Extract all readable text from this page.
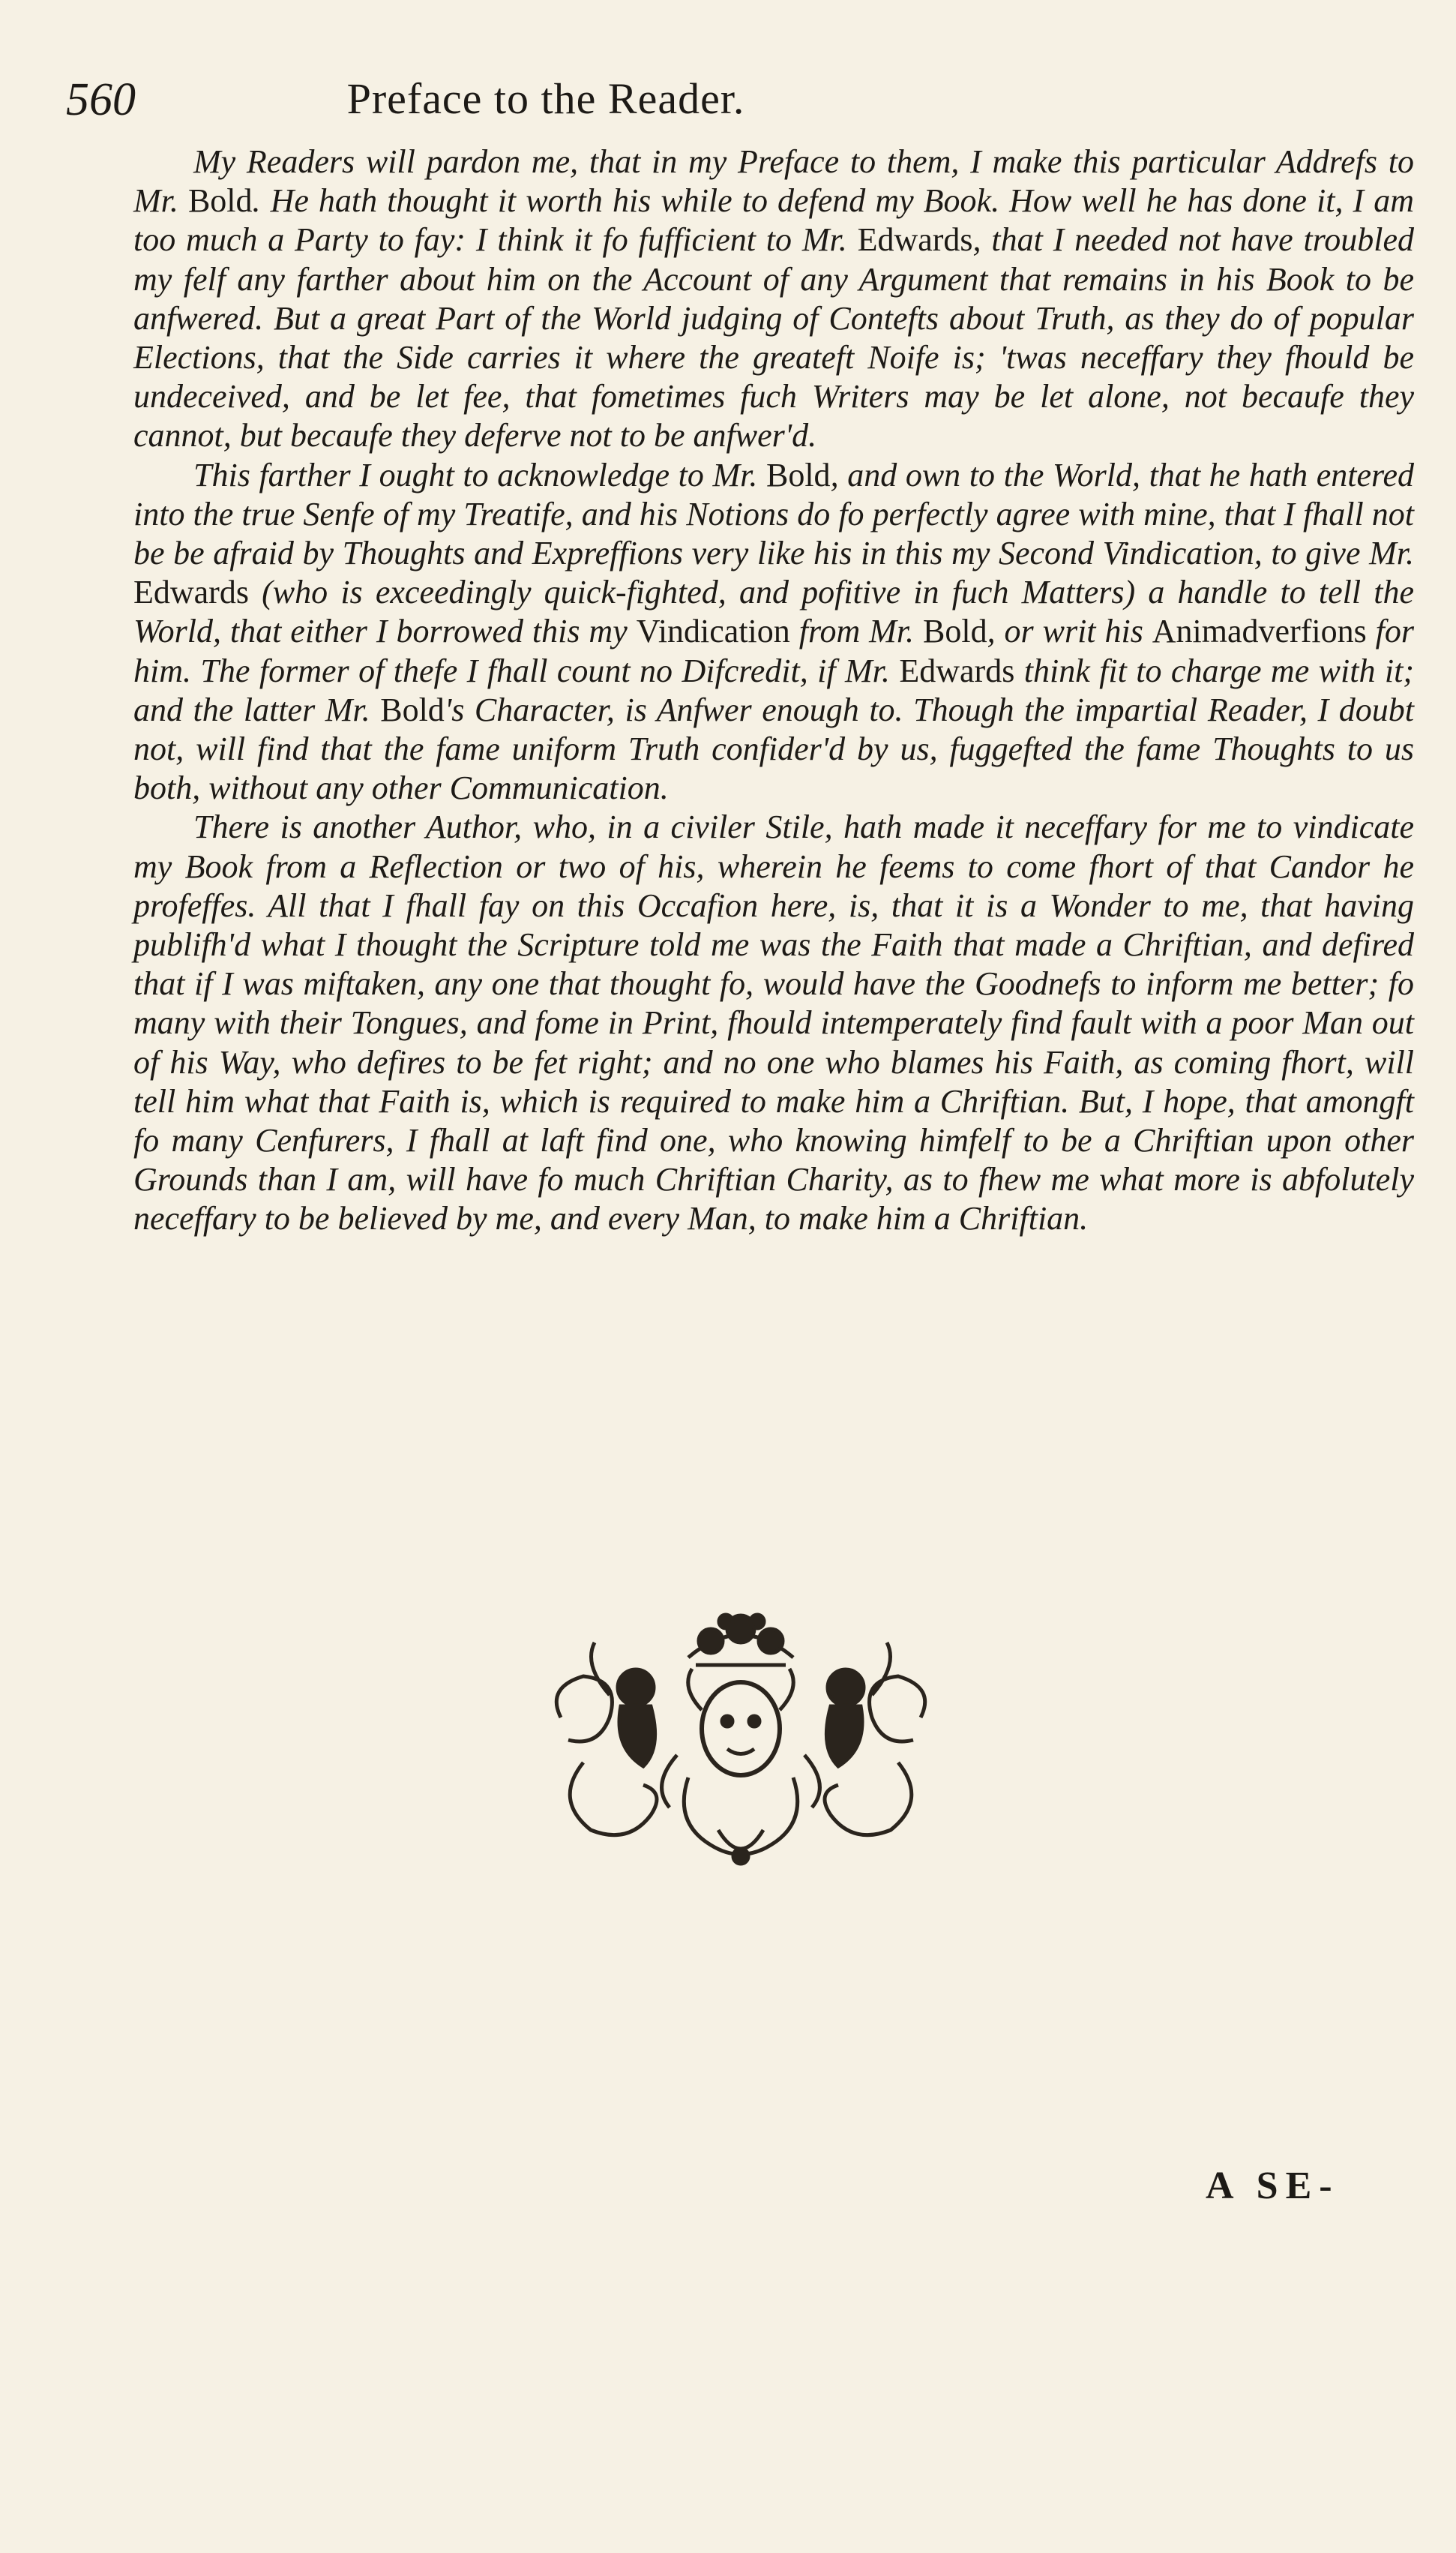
560	Preface to the Reader.

My Readers will pardon me, that in my Preface to them, I make this particular Addrefs to Mr. Bold. He hath thought it worth his while to defend my Book. How well he has done it, I am too much a Party to fay: I think it fo fufficient to Mr. Edwards, that I needed not have troubled my felf any farther about him on the Account of any Argument that remains in his Book to be anfwered. But a great Part of the World judging of Contefts about Truth, as they do of popular Elections, that the Side carries it where the greateft Noife is; 'twas neceffary they fhould be undeceived, and be let fee, that fometimes fuch Writers may be let alone, not becaufe they cannot, but becaufe they deferve not to be anfwer'd.

This farther I ought to acknowledge to Mr. Bold, and own to the World, that he hath entered into the true Senfe of my Treatife, and his Notions do fo perfectly agree with mine, that I fhall not be be afraid by Thoughts and Expreffions very like his in this my Second Vindication, to give Mr. Edwards (who is exceedingly quick-fighted, and pofitive in fuch Matters) a handle to tell the World, that either I borrowed this my Vindication from Mr. Bold, or writ his Animadverfions for him. The former of thefe I fhall count no Difcredit, if Mr. Edwards think fit to charge me with it; and the latter Mr. Bold's Character, is Anfwer enough to. Though the impartial Reader, I doubt not, will find that the fame uniform Truth confider'd by us, fuggefted the fame Thoughts to us both, without any other Communication.

There is another Author, who, in a civiler Stile, hath made it neceffary for me to vindicate my Book from a Reflection or two of his, wherein he feems to come fhort of that Candor he profeffes. All that I fhall fay on this Occafion here, is, that it is a Wonder to me, that having publifh'd what I thought the Scripture told me was the Faith that made a Chriftian, and defired that if I was miftaken, any one that thought fo, would have the Goodnefs to inform me better; fo many with their Tongues, and fome in Print, fhould intemperately find fault with a poor Man out of his Way, who defires to be fet right; and no one who blames his Faith, as coming fhort, will tell him what that Faith is, which is required to make him a Chriftian. But, I hope, that amongft fo many Cenfurers, I fhall at laft find one, who knowing himfelf to be a Chriftian upon other Grounds than I am, will have fo much Chriftian Charity, as to fhew me what more is abfolutely neceffary to be believed by me, and every Man, to make him a Chriftian.

A SE-
